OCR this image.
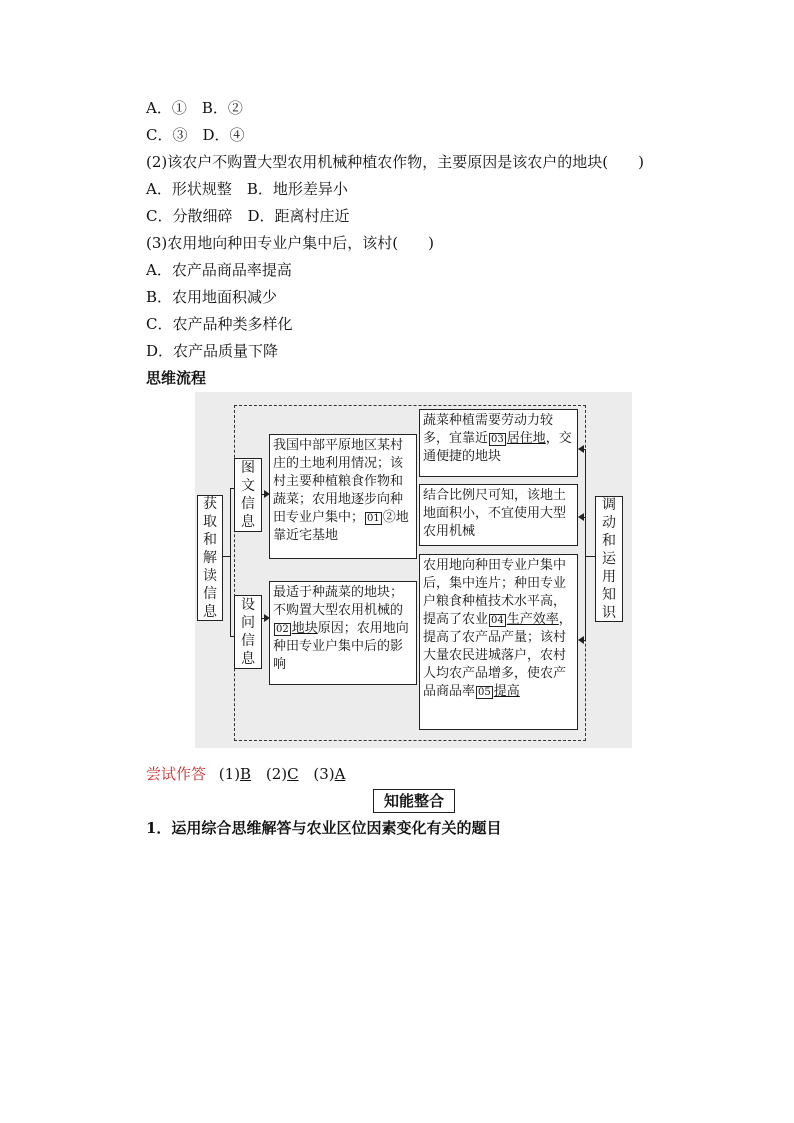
A．①　B．②
C．③　D．④
(2)该农户不购置大型农用机械种植农作物，主要原因是该农户的地块(　　)
A．形状规整　B．地形差异小
C．分散细碎　D．距离村庄近
(3)农用地向种田专业户集中后，该村(　　)
A．农产品商品率提高
B．农用地面积减少
C．农产品种类多样化
D．农产品质量下降
思维流程
获取和解读信息
图文信息
设问信息
我国中部平原地区某村庄的土地利用情况；该村主要种植粮食作物和蔬菜；农用地逐步向种田专业户集中； 01 ②地靠近宅基地
最适于种蔬菜的地块；不购置大型农用机械的02 地块原因；农用地向种田专业户集中后的影响
蔬菜种植需要劳动力较多，宜靠近 03 居住地，交通便捷的地块
结合比例尺可知，该地土地面积小，不宜使用大型农用机械
农用地向种田专业户集中后，集中连片；种田专业户粮食种植技术水平高，提高了农业 04 生产效率，提高了农产品产量；该村大量农民进城落户，农村人均农产品增多，使农产品商品率 05 提高
调动和运用知识
尝试作答 (1)B (2)C (3)A
知能整合
1．运用综合思维解答与农业区位因素变化有关的题目
